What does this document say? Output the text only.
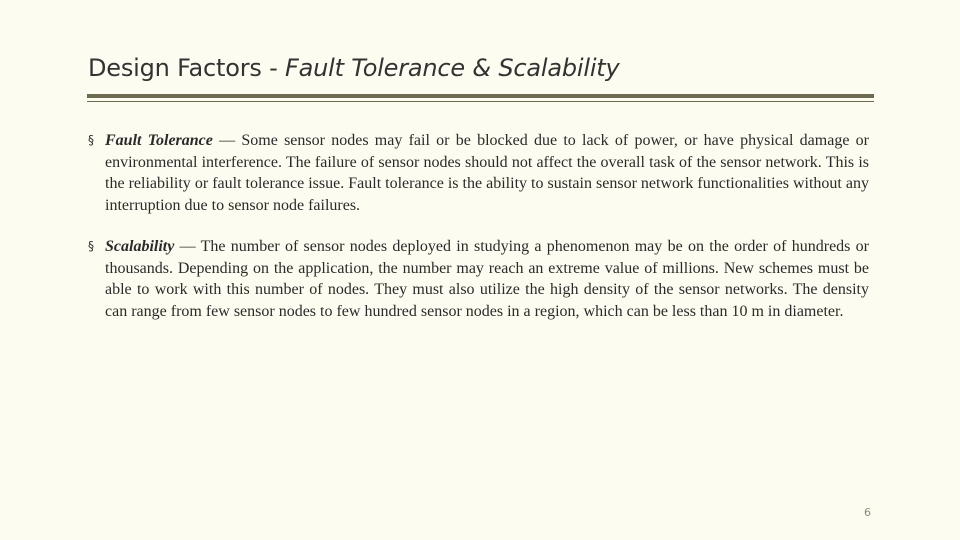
Design Factors - Fault Tolerance & Scalability
§ Fault Tolerance — Some sensor nodes may fail or be blocked due to lack of power, or have physical damage or environmental interference. The failure of sensor nodes should not affect the overall task of the sensor network. This is the reliability or fault tolerance issue. Fault tolerance is the ability to sustain sensor network functionalities without any interruption due to sensor node failures.
§ Scalability — The number of sensor nodes deployed in studying a phenomenon may be on the order of hundreds or thousands. Depending on the application, the number may reach an extreme value of millions. New schemes must be able to work with this number of nodes. They must also utilize the high density of the sensor networks. The density can range from few sensor nodes to few hundred sensor nodes in a region, which can be less than 10 m in diameter.
6
